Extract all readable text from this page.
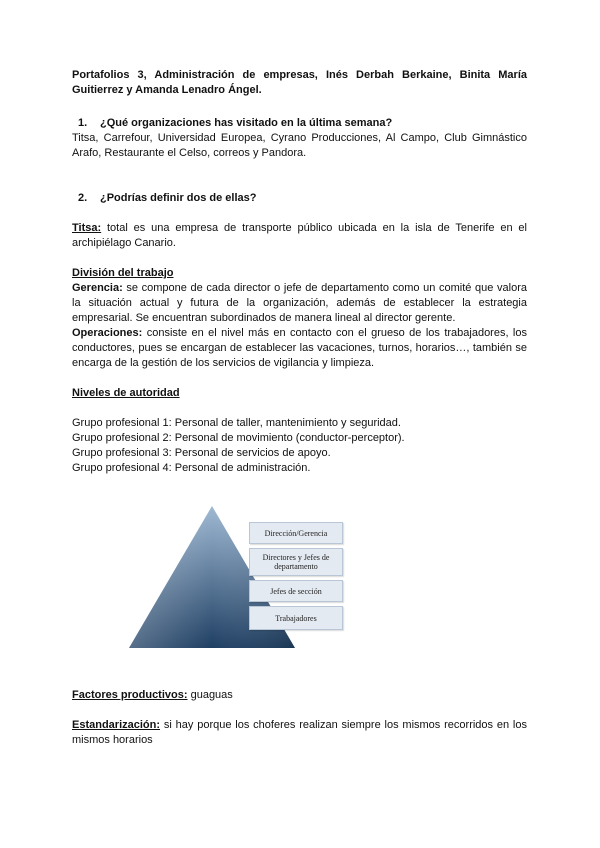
Portafolios 3, Administración de empresas, Inés Derbah Berkaine, Binita María Guitierrez y Amanda Lenadro Ángel.

1. ¿Qué organizaciones has visitado en la última semana?

Titsa, Carrefour, Universidad Europea, Cyrano Producciones, Al Campo, Club Gimnástico Arafo, Restaurante el Celso, correos y Pandora.

2. ¿Podrías definir dos de ellas?

Titsa: total es una empresa de transporte público ubicada en la isla de Tenerife en el archipiélago Canario.

División del trabajo

Gerencia: se compone de cada director o jefe de departamento como un comité que valora la situación actual y futura de la organización, además de establecer la estrategia empresarial. Se encuentran subordinados de manera lineal al director gerente.

Operaciones: consiste en el nivel más en contacto con el grueso de los trabajadores, los conductores, pues se encargan de establecer las vacaciones, turnos, horarios…, también se encarga de la gestión de los servicios de vigilancia y limpieza.

Niveles de autoridad

Grupo profesional 1: Personal de taller, mantenimiento y seguridad.

Grupo profesional 2: Personal de movimiento (conductor-perceptor).

Grupo profesional 3: Personal de servicios de apoyo.

Grupo profesional 4: Personal de administración.

Dirección/Gerencia
Directores y Jefes de departamento
Jefes de sección
Trabajadores

Factores productivos: guaguas

Estandarización: si hay porque los choferes realizan siempre los mismos recorridos en los mismos horarios
